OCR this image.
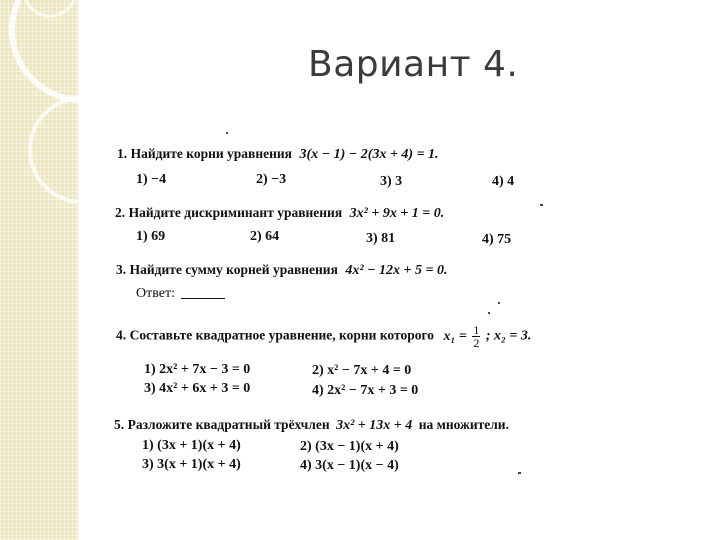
Вариант 4.
1. Найдите корни уравнения 3(x − 1) − 2(3x + 4) = 1.
1) −4	2) −3	3) 3	4) 4
2. Найдите дискриминант уравнения 3x² + 9x + 1 = 0.
1) 69	2) 64	3) 81	4) 75
3. Найдите сумму корней уравнения 4x² − 12x + 5 = 0.
Ответ:
4. Составьте квадратное уравнение, корни которого $x_1 = \frac{1}{2}$ ; x₂ = 3.
1) 2x² + 7x − 3 = 0	2) x² − 7x + 4 = 0
3) 4x² + 6x + 3 = 0	4) 2x² − 7x + 3 = 0
5. Разложите квадратный трёхчлен 3x² + 13x + 4 на множители.
1) (3x + 1)(x + 4)	2) (3x − 1)(x + 4)
3) 3(x + 1)(x + 4)	4) 3(x − 1)(x − 4)
